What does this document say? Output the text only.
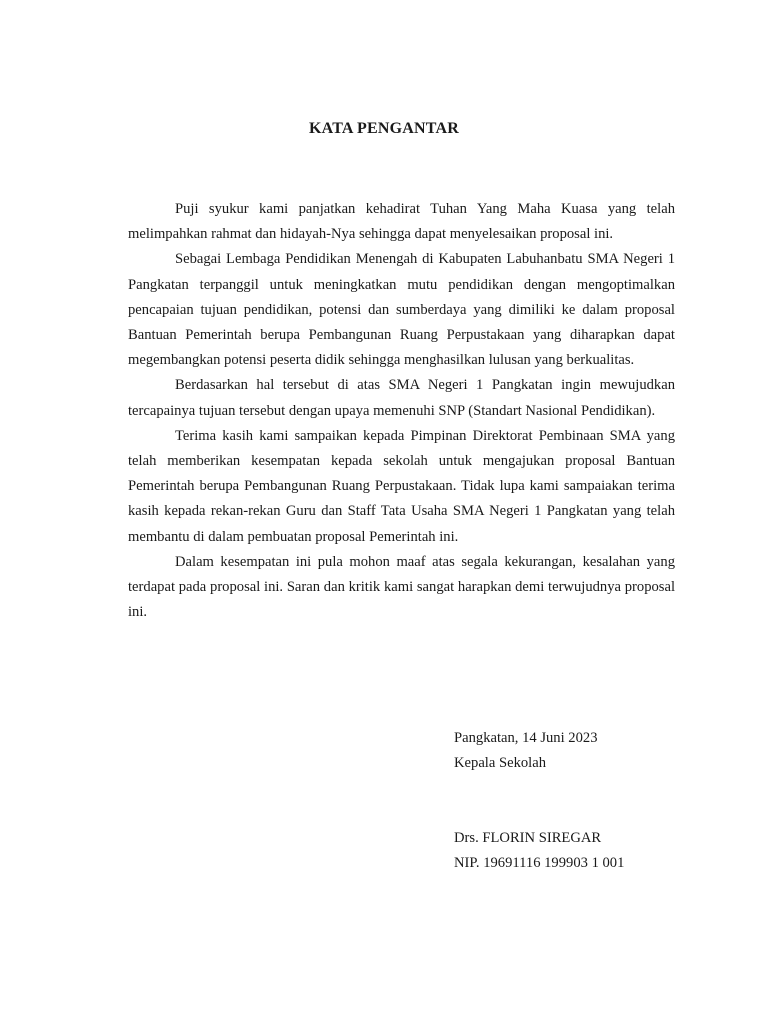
KATA PENGANTAR

Puji syukur kami panjatkan kehadirat Tuhan Yang Maha Kuasa yang telah melimpahkan rahmat dan hidayah-Nya sehingga dapat menyelesaikan proposal ini.

Sebagai Lembaga Pendidikan Menengah di Kabupaten Labuhanbatu SMA Negeri 1 Pangkatan terpanggil untuk meningkatkan mutu pendidikan dengan mengoptimalkan pencapaian tujuan pendidikan, potensi dan sumberdaya yang dimiliki ke dalam proposal Bantuan Pemerintah berupa Pembangunan Ruang Perpustakaan yang diharapkan dapat megembangkan potensi peserta didik sehingga menghasilkan lulusan yang berkualitas.

Berdasarkan hal tersebut di atas SMA Negeri 1 Pangkatan ingin mewujudkan tercapainya tujuan tersebut dengan upaya memenuhi SNP (Standart Nasional Pendidikan).

Terima kasih kami sampaikan kepada Pimpinan Direktorat Pembinaan SMA yang telah memberikan kesempatan kepada sekolah untuk mengajukan proposal Bantuan Pemerintah berupa Pembangunan Ruang Perpustakaan. Tidak lupa kami sampaiakan terima kasih kepada rekan-rekan Guru dan Staff Tata Usaha SMA Negeri 1 Pangkatan yang telah membantu di dalam pembuatan proposal Pemerintah ini.

Dalam kesempatan ini pula mohon maaf atas segala kekurangan, kesalahan yang terdapat pada proposal ini. Saran dan kritik kami sangat harapkan demi terwujudnya proposal ini.

Pangkatan, 14 Juni 2023
Kepala Sekolah
Drs. FLORIN SIREGAR
NIP. 19691116 199903 1 001
